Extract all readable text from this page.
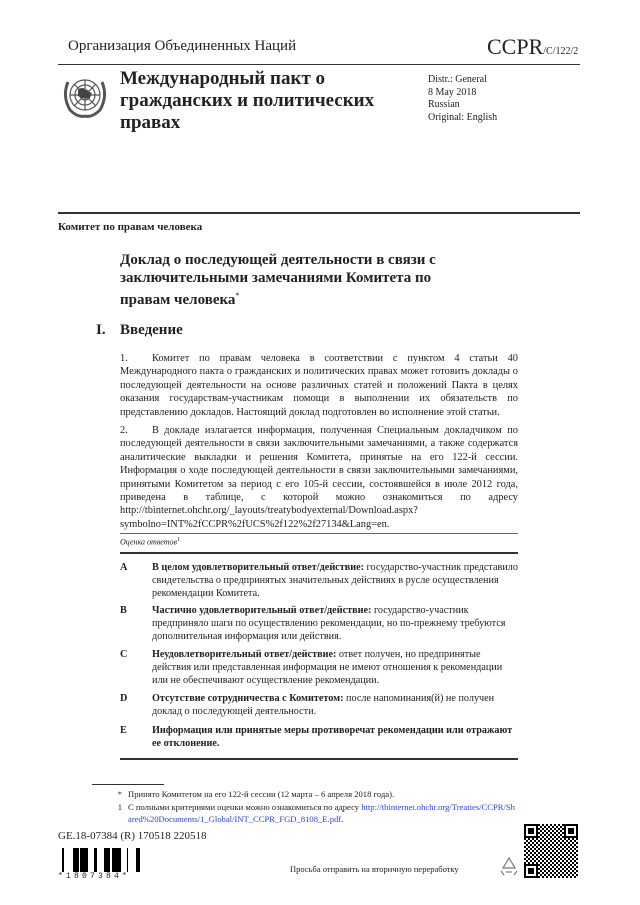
Организация Объединенных Наций	CCPR/C/122/2
Международный пакт о гражданских и политических правах
Distr.: General
8 May 2018
Russian
Original: English
Комитет по правам человека
Доклад о последующей деятельности в связи с заключительными замечаниями Комитета по правам человека*
I. Введение
1. Комитет по правам человека в соответствии с пунктом 4 статьи 40 Международного пакта о гражданских и политических правах может готовить доклады о последующей деятельности на основе различных статей и положений Пакта в целях оказания государствам-участникам помощи в выполнении их обязательств по представлению докладов. Настоящий доклад подготовлен во исполнение этой статьи.
2. В докладе излагается информация, полученная Специальным докладчиком по последующей деятельности в связи заключительными замечаниями, а также содержатся аналитические выкладки и решения Комитета, принятые на его 122-й сессии. Информация о ходе последующей деятельности в связи заключительными замечаниями, принятыми Комитетом за период с его 105-й сессии, состоявшейся в июле 2012 года, приведена в таблице, с которой можно ознакомиться по адресу http://tbinternet.ohchr.org/_layouts/treatybodyexternal/Download.aspx?symbolno=INT%2fCCPR%2fUCS%2f122%2f27134&Lang=en.
Оценка ответов$^1$
A В целом удовлетворительный ответ/действие: государство-участник представило свидетельства о предпринятых значительных действиях в русле осуществления рекомендации Комитета.
B Частично удовлетворительный ответ/действие: государство-участник предприняло шаги по осуществлению рекомендации, но по-прежнему требуются дополнительная информация или действия.
C Неудовлетворительный ответ/действие: ответ получен, но предпринятые действия или представленная информация не имеют отношения к рекомендации или не обеспечивают осуществление рекомендации.
D Отсутствие сотрудничества с Комитетом: после напоминания(й) не получен доклад о последующей деятельности.
E Информация или принятые меры противоречат рекомендации или отражают ее отклонение.
* Принято Комитетом на его 122-й сессии (12 марта – 6 апреля 2018 года).
1 С полными критериями оценки можно ознакомиться по адресу http://tbinternet.ohchr.org/Treaties/CCPR/Shared%20Documents/1_Global/INT_CCPR_FGD_8108_E.pdf.
GE.18-07384 (R) 170518 220518
*1807384*
Просьба отправить на вторичную переработку
